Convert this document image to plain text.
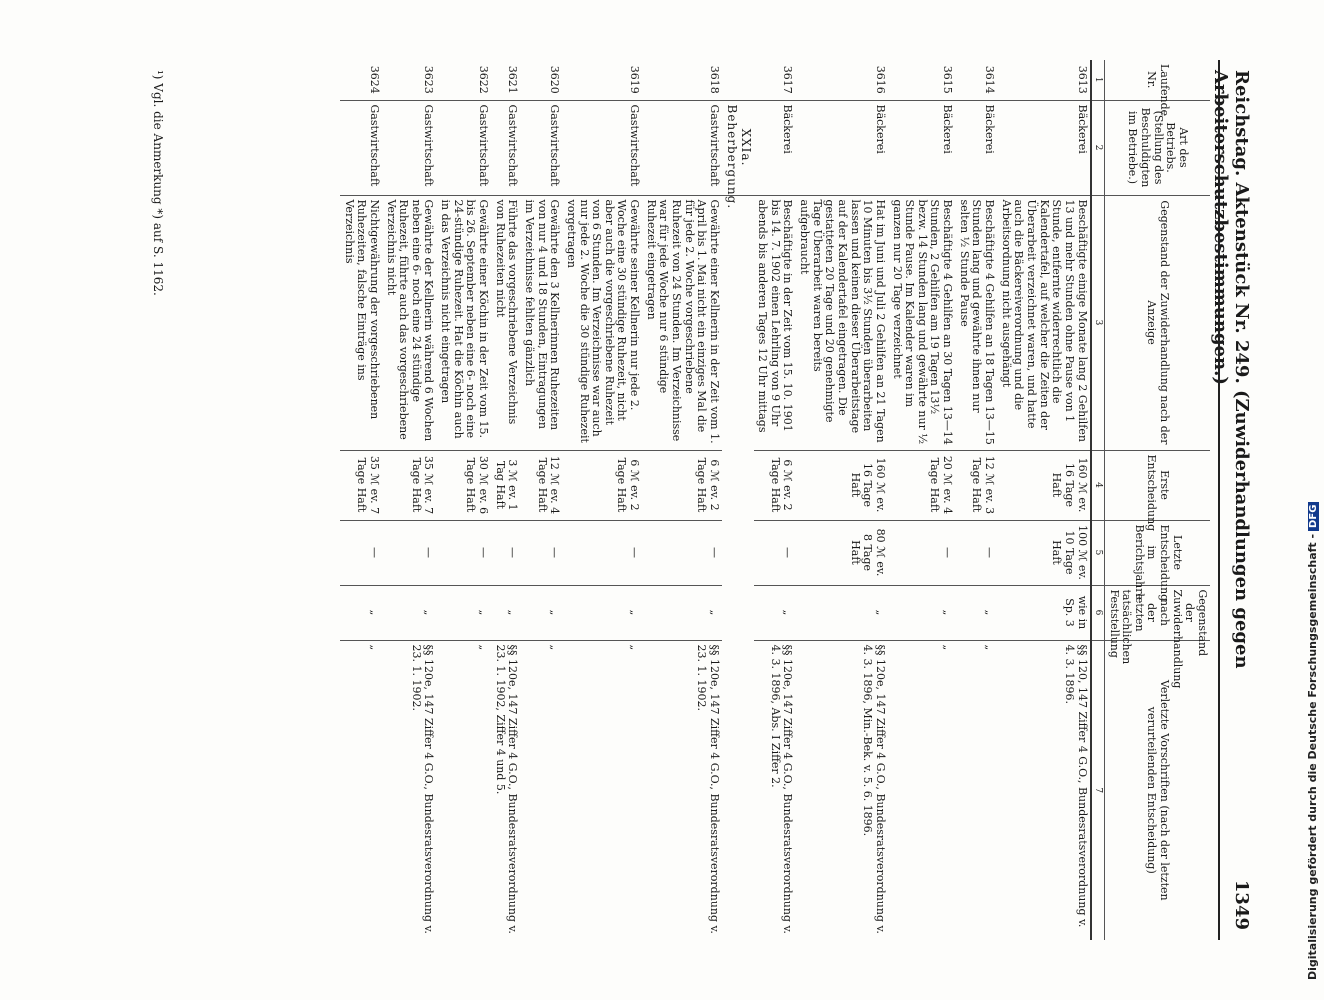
Reichstag. Aktenstück Nr. 249. (Zuwiderhandlungen gegen Arbeiterschutzbestimmungen.)
1349
Laufende Nr.	Art des Betriebs. (Stellung des Beschuldigten im Betriebe.)	Gegenstand der Zuwiderhandlung nach der Anzeige	Erste Entscheidung	Letzte Entscheidung im Berichtsjahre	Gegenstand der Zuwiderhandlung nach der letzten tatsächlichen Feststellung	Verletzte Vorschriften (nach der letzten verurteilenden Entscheidung)
1	2	3	4	5	6	7
3613	Bäckerei	Beschäftigte einige Monate lang 2 Gehilfen 13 und mehr Stunden ohne Pause von 1 Stunde, entfernte widerrechtlich die Kalendertafel, auf welcher die Zeiten der Überarbeit verzeichnet waren, und hatte auch die Bäckereiverordnung und die Arbeitsordnung nicht ausgehängt	160 ℳ ev. 16 Tage Haft	100 ℳ ev. 10 Tage Haft	wie in Sp. 3	§§ 120, 147 Ziffer 4 G.O., Bundesratsverordnung v. 4. 3. 1896.
3614	Bäckerei	Beschäftigte 4 Gehilfen an 18 Tagen 13—15 Stunden lang und gewährte ihnen nur selten ½ Stunde Pause	12 ℳ ev. 3 Tage Haft	—	„	„
3615	Bäckerei	Beschäftigte 4 Gehilfen an 30 Tagen 13—14 Stunden, 2 Gehilfen am 19 Tagen 13½ bezw. 14 Stunden lang und gewährte nur ½ Stunde Pause. Im Kalender waren im ganzen nur 20 Tage verzeichnet	20 ℳ ev. 4 Tage Haft	—	„	„
3616	Bäckerei	Hat im Juni und Juli 2 Gehilfen an 21 Tagen 10 Minuten bis 3½ Stunden überarbeiten lassen und keinen dieser Überarbeitstage auf der Kalendertafel eingetragen. Die gestatteten 20 Tage und 20 genehmigte Tage Überarbeit waren bereits aufgebraucht	160 ℳ ev. 16 Tage Haft	80 ℳ ev. 8 Tage Haft	„	§§ 120e, 147 Ziffer 4 G.O., Bundesratsverordnung v. 4. 3. 1896, Min.-Bek. v. 5. 6. 1896.
3617	Bäckerei	Beschäftigte in der Zeit vom 15. 10. 1901 bis 14. 7. 1902 einen Lehrling von 9 Uhr abends bis anderen Tages 12 Uhr mittags	6 ℳ ev. 2 Tage Haft	—	„	§§ 120e, 147 Ziffer 4 G.O., Bundesratsverordnung v. 4. 3. 1896, Abs. I Ziffer 2.
	XXIa. Beherbergung.					
3618	Gastwirtschaft	Gewährte einer Kellnerin in der Zeit vom 1. April bis 1. Mai nicht ein einziges Mal die für jede 2. Woche vorgeschriebene Ruhezeit von 24 Stunden. Im Verzeichnisse war für jede Woche nur 6 stündige Ruhezeit eingetragen	6 ℳ ev. 2 Tage Haft	—	„	§§ 120e, 147 Ziffer 4 G.O., Bundesratsverordnung v. 23. 1. 1902.
3619	Gastwirtschaft	Gewährte seiner Kellnerin nur jede 2. Woche eine 30 stündige Ruhezeit, nicht aber auch die vorgeschriebene Ruhezeit von 6 Stunden. Im Verzeichnisse war auch nur jede 2. Woche die 30 stündige Ruhezeit vorgetragen	6 ℳ ev. 2 Tage Haft	—	„	„
3620	Gastwirtschaft	Gewährte den 3 Kellnerinnen Ruhezeiten von nur 4 und 18 Stunden, Eintragungen im Verzeichnisse fehlten gänzlich	12 ℳ ev. 4 Tage Haft	—	„	„
3621	Gastwirtschaft	Führte das vorgeschriebene Verzeichnis von Ruhezeiten nicht	3 ℳ ev. 1 Tag Haft	—	„	§§ 120e, 147 Ziffer 4 G.O., Bundesratsverordnung v. 23. 1. 1902, Ziffer 4 und 5.
3622	Gastwirtschaft	Gewährte einer Köchin in der Zeit vom 15. bis 26. September neben eine 6- noch eine 24-stündige Ruhezeit. Hat die Köchin auch in das Verzeichnis nicht eingetragen	30 ℳ ev. 6 Tage Haft	—	„	„
3623	Gastwirtschaft	Gewährte der Kellnerin während 6 Wochen neben eine 6- noch eine 24 stündige Ruhezeit, führte auch das vorgeschriebene Verzeichnis nicht	35 ℳ ev. 7 Tage Haft	—	„	§§ 120e, 147 Ziffer 4 G.O., Bundesratsverordnung v. 23. 1. 1902.
3624	Gastwirtschaft	Nichtgewährung der vorgeschriebenen Ruhezeiten, falsche Einträge ins Verzeichnis	35 ℳ ev. 7 Tage Haft	—	„	„
¹) Vgl. die Anmerkung *) auf S. 1162.
Digitalisierung gefördert durch die Deutsche Forschungsgemeinschaft -DFG
